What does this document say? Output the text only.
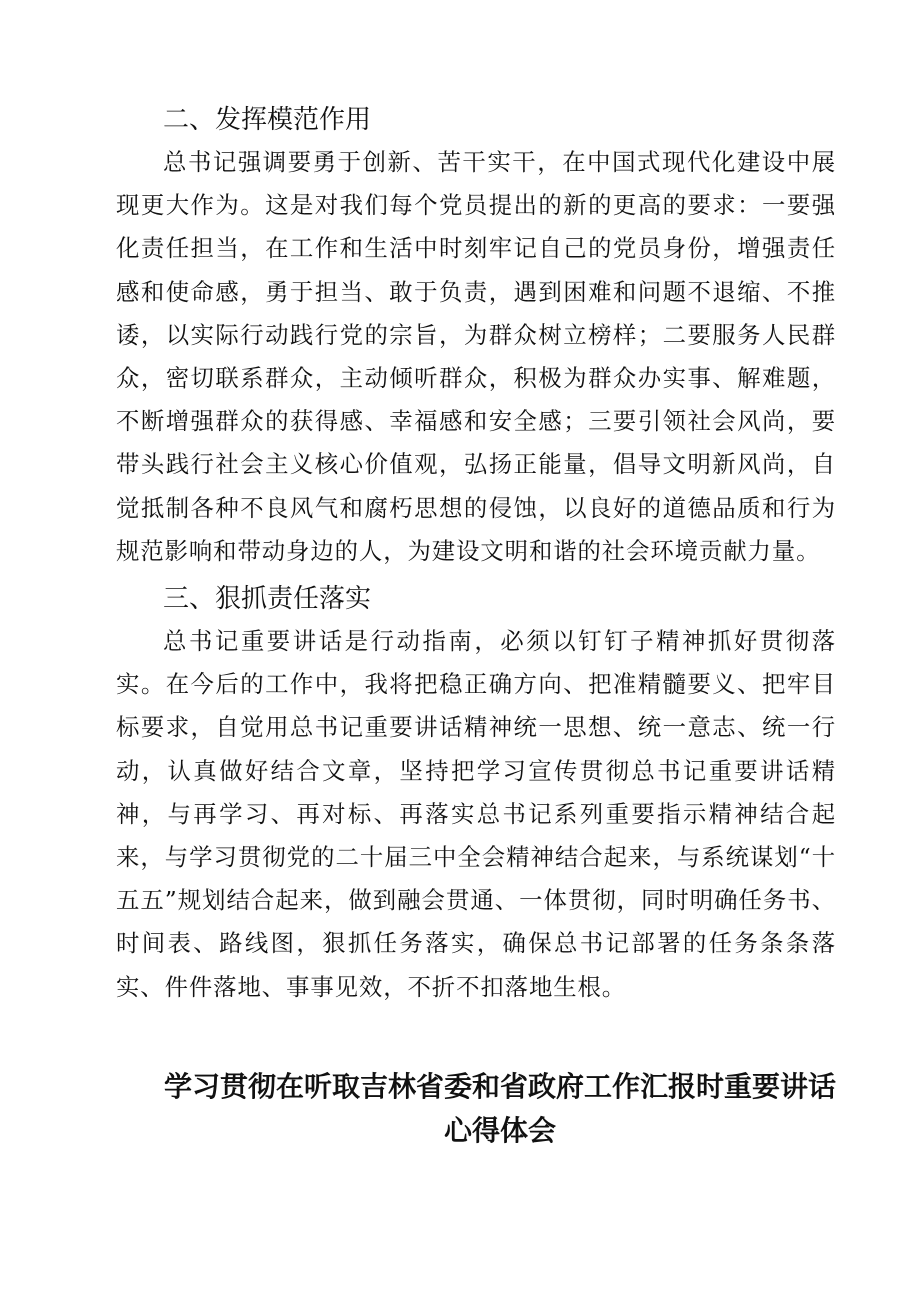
二、发挥模范作用

总书记强调要勇于创新、苦干实干，在中国式现代化建设中展现更大作为。这是对我们每个党员提出的新的更高的要求：一要强化责任担当，在工作和生活中时刻牢记自己的党员身份，增强责任感和使命感，勇于担当、敢于负责，遇到困难和问题不退缩、不推诿，以实际行动践行党的宗旨，为群众树立榜样；二要服务人民群众，密切联系群众，主动倾听群众，积极为群众办实事、解难题，不断增强群众的获得感、幸福感和安全感；三要引领社会风尚，要带头践行社会主义核心价值观，弘扬正能量，倡导文明新风尚，自觉抵制各种不良风气和腐朽思想的侵蚀，以良好的道德品质和行为规范影响和带动身边的人，为建设文明和谐的社会环境贡献力量。

三、狠抓责任落实

总书记重要讲话是行动指南，必须以钉钉子精神抓好贯彻落实。在今后的工作中，我将把稳正确方向、把准精髓要义、把牢目标要求，自觉用总书记重要讲话精神统一思想、统一意志、统一行动，认真做好结合文章，坚持把学习宣传贯彻总书记重要讲话精神，与再学习、再对标、再落实总书记系列重要指示精神结合起来，与学习贯彻党的二十届三中全会精神结合起来，与系统谋划“十五五”规划结合起来，做到融会贯通、一体贯彻，同时明确任务书、时间表、路线图，狠抓任务落实，确保总书记部署的任务条条落实、件件落地、事事见效，不折不扣落地生根。

学习贯彻在听取吉林省委和省政府工作汇报时重要讲话心得体会
